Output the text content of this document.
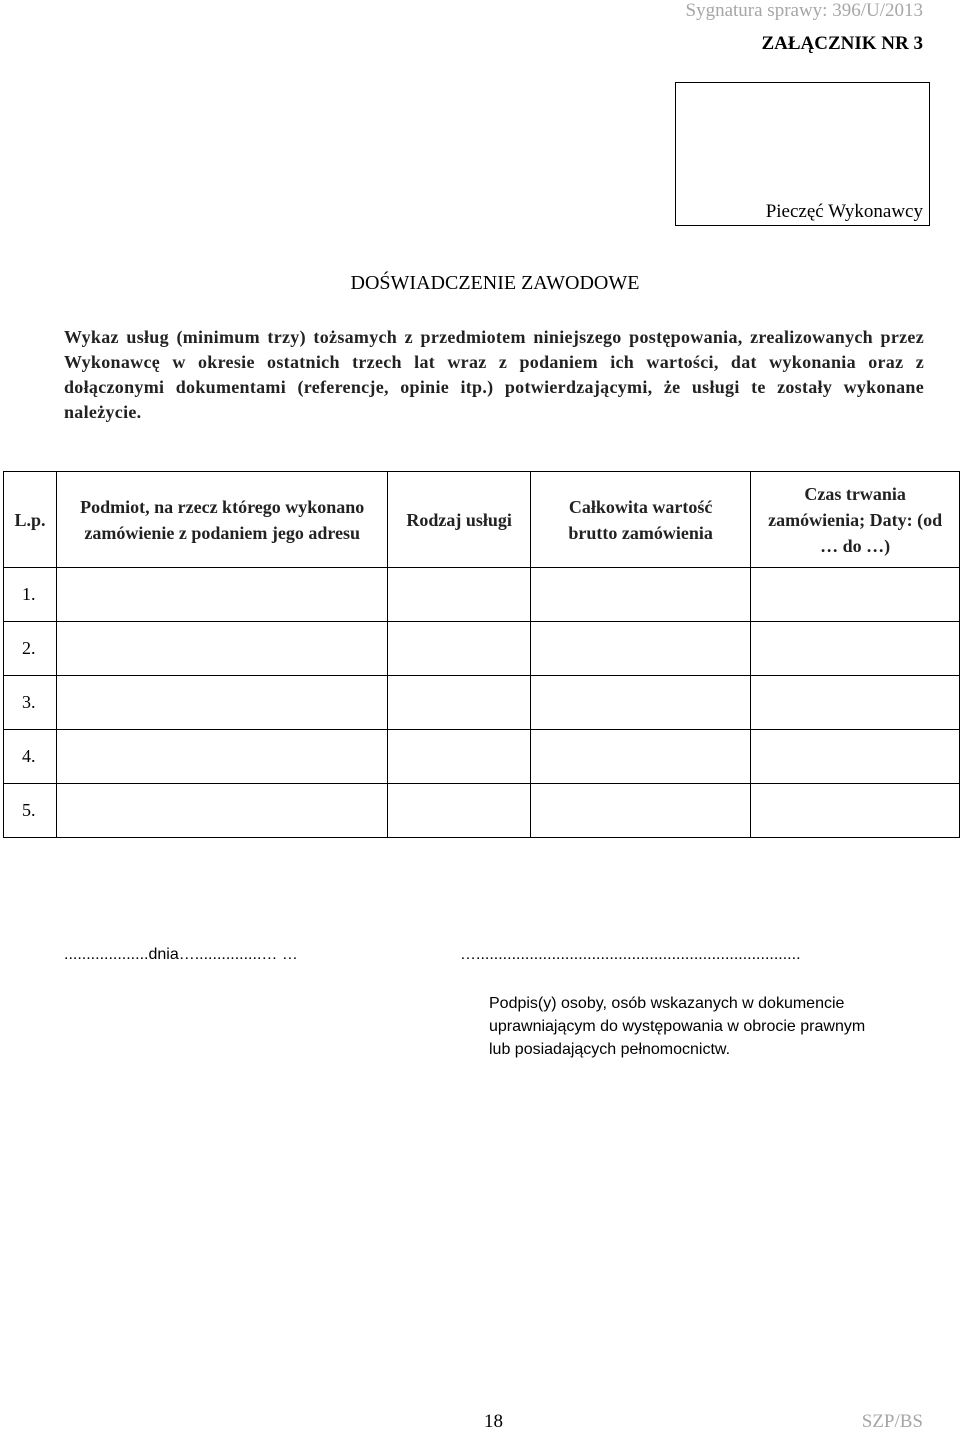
Sygnatura sprawy: 396/U/2013
ZAŁĄCZNIK NR 3
Pieczęć Wykonawcy
DOŚWIADCZENIE ZAWODOWE
Wykaz usług (minimum trzy) tożsamych z przedmiotem niniejszego postępowania, zrealizowanych przez Wykonawcę w okresie ostatnich trzech lat wraz z podaniem ich wartości, dat wykonania oraz z dołączonymi dokumentami (referencje, opinie itp.) potwierdzającymi, że usługi te zostały wykonane należycie.
L.p.	Podmiot, na rzecz którego wykonano zamówienie z podaniem jego adresu	Rodzaj usługi	Całkowita wartość brutto zamówienia	Czas trwania zamówienia; Daty: (od … do …)
1.				
2.				
3.				
4.				
5.				
...................dnia…...............… …	….........................................................................
Podpis(y) osoby, osób wskazanych w dokumencie uprawniającym do występowania w obrocie prawnym lub posiadających pełnomocnictw.
18	SZP/BS
